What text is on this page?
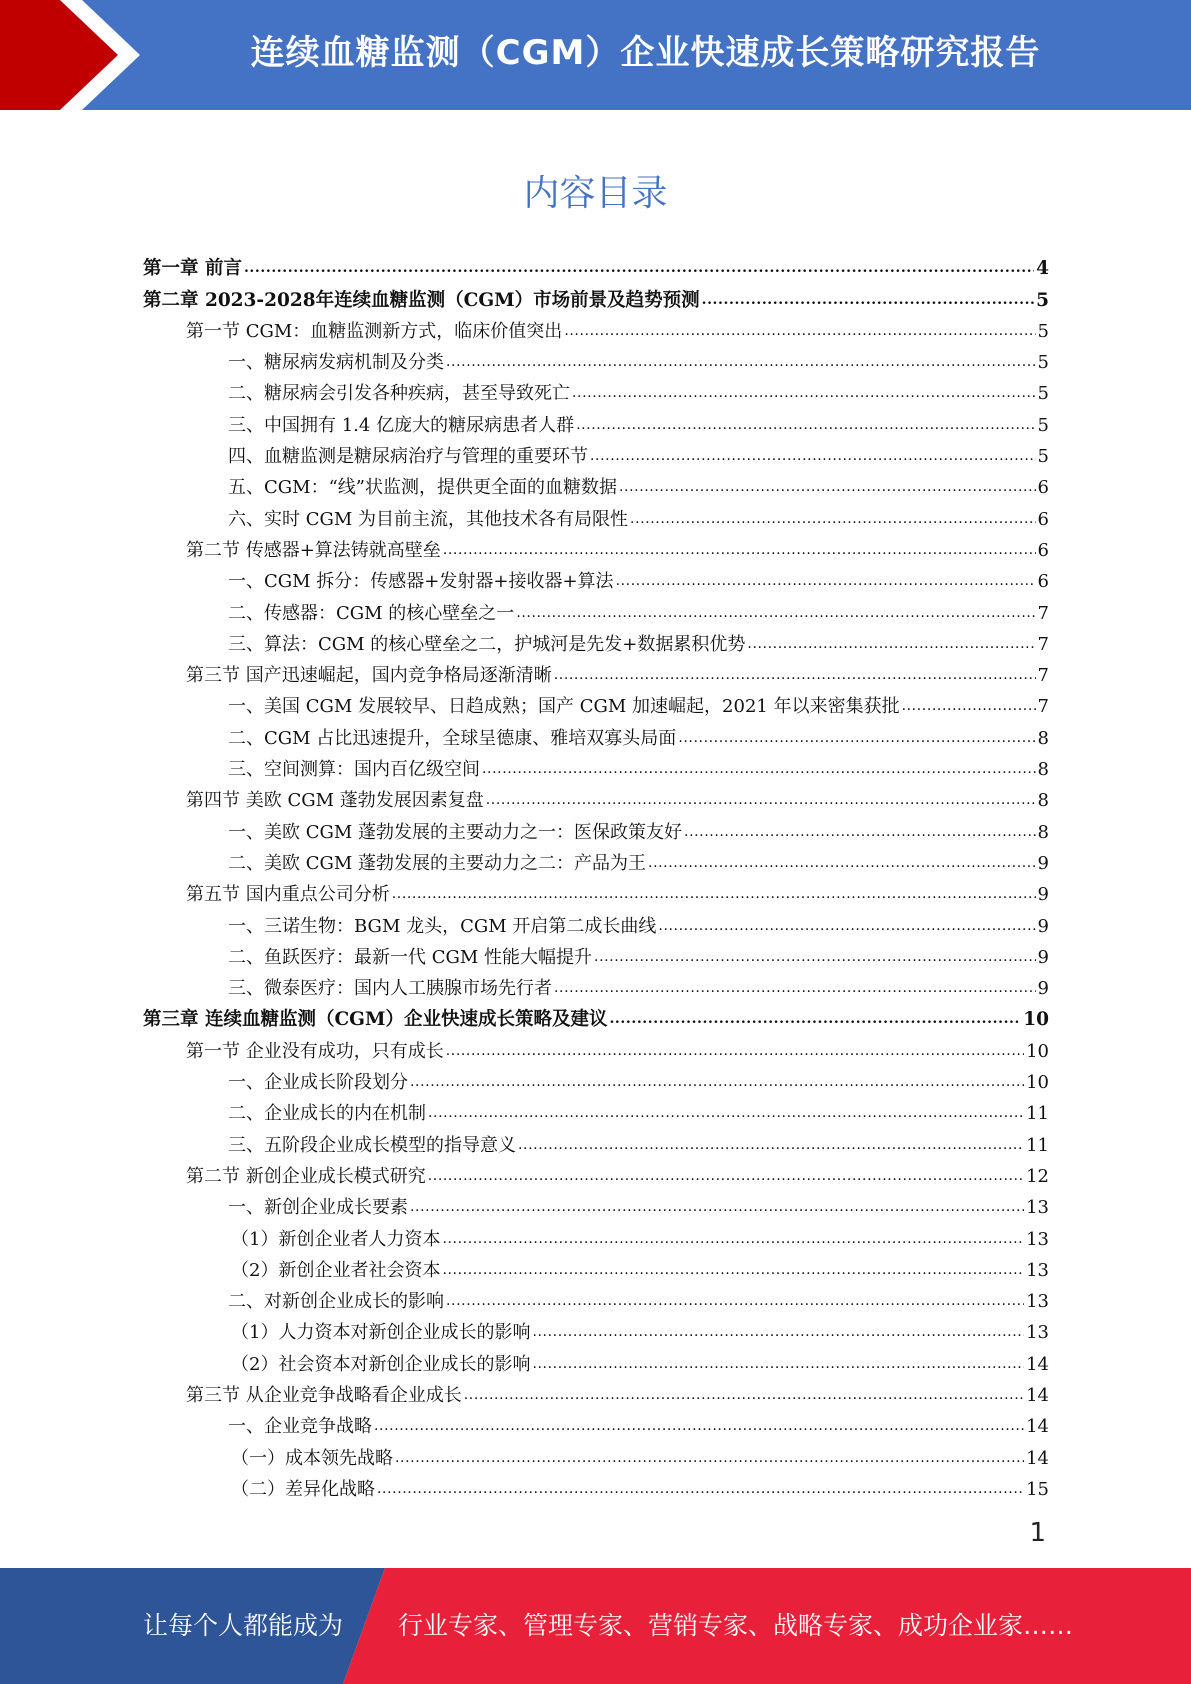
连续血糖监测（CGM）企业快速成长策略研究报告
内容目录
第一章 前言 .....	4
第二章 2023-2028年连续血糖监测（CGM）市场前景及趋势预测 .....	5
第一节 CGM：血糖监测新方式，临床价值突出 .....	5
一、糖尿病发病机制及分类 .....	5
二、糖尿病会引发各种疾病，甚至导致死亡 .....	5
三、中国拥有 1.4 亿庞大的糖尿病患者人群 .....	5
四、血糖监测是糖尿病治疗与管理的重要环节 .....	5
五、CGM：“线”状监测，提供更全面的血糖数据 .....	6
六、实时 CGM 为目前主流，其他技术各有局限性 .....	6
第二节 传感器+算法铸就高壁垒 .....	6
一、CGM 拆分：传感器+发射器+接收器+算法 .....	6
二、传感器：CGM 的核心壁垒之一 .....	7
三、算法：CGM 的核心壁垒之二，护城河是先发+数据累积优势 .....	7
第三节 国产迅速崛起，国内竞争格局逐渐清晰 .....	7
一、美国 CGM 发展较早、日趋成熟；国产 CGM 加速崛起，2021 年以来密集获批 .....	7
二、CGM 占比迅速提升，全球呈德康、雅培双寡头局面 .....	8
三、空间测算：国内百亿级空间 .....	8
第四节 美欧 CGM 蓬勃发展因素复盘 .....	8
一、美欧 CGM 蓬勃发展的主要动力之一：医保政策友好 .....	8
二、美欧 CGM 蓬勃发展的主要动力之二：产品为王 .....	9
第五节 国内重点公司分析 .....	9
一、三诺生物：BGM 龙头，CGM 开启第二成长曲线 .....	9
二、鱼跃医疗：最新一代 CGM 性能大幅提升 .....	9
三、微泰医疗：国内人工胰腺市场先行者 .....	9
第三章 连续血糖监测（CGM）企业快速成长策略及建议 .....	10
第一节 企业没有成功，只有成长 .....	10
一、企业成长阶段划分 .....	10
二、企业成长的内在机制 .....	11
三、五阶段企业成长模型的指导意义 .....	11
第二节 新创企业成长模式研究 .....	12
一、新创企业成长要素 .....	13
（1）新创企业者人力资本 .....	13
（2）新创企业者社会资本 .....	13
二、对新创企业成长的影响 .....	13
（1）人力资本对新创企业成长的影响 .....	13
（2）社会资本对新创企业成长的影响 .....	14
第三节 从企业竞争战略看企业成长 .....	14
一、企业竞争战略 .....	14
（一）成本领先战略 .....	14
（二）差异化战略 .....	15
1
让每个人都能成为 行业专家、管理专家、营销专家、战略专家、成功企业家……
